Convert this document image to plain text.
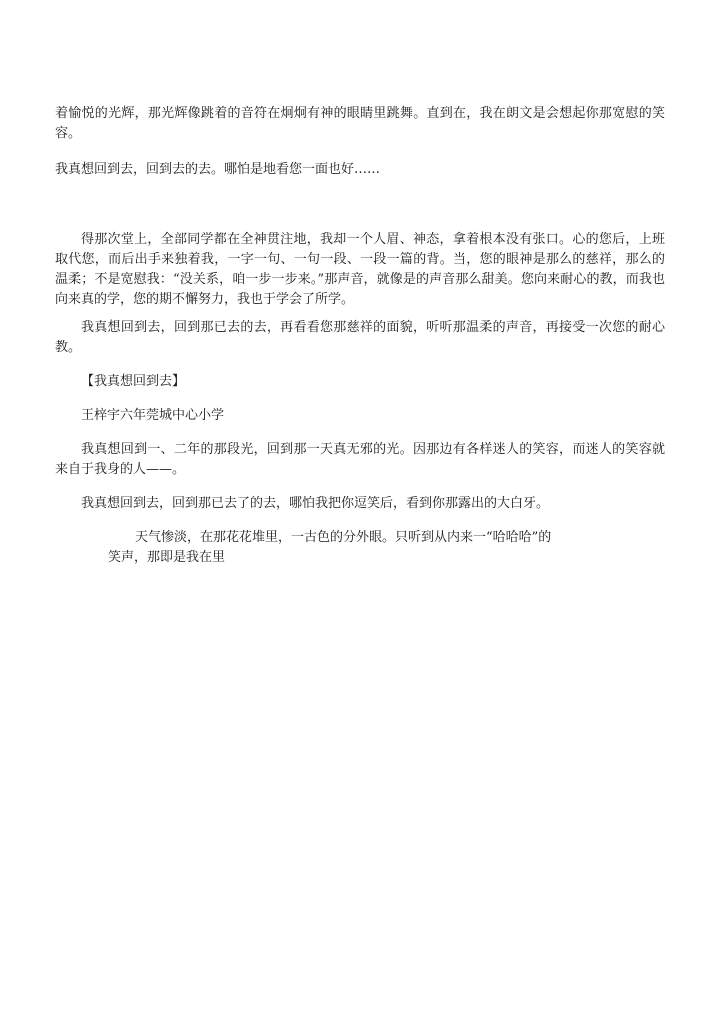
着愉悦的光辉，那光辉像跳着的音符在炯炯有神的眼睛里跳舞。直到在，我在朗文是会想起你那宽慰的笑容。

我真想回到去，回到去的去。哪怕是地看您一面也好……

得那次堂上，全部同学都在全神贯注地，我却一个人眉、神态，拿着根本没有张口。心的您后，上班取代您，而后出手来独着我，一字一句、一句一段、一段一篇的背。当，您的眼神是那么的慈祥，那么的温柔；不是宽慰我：“没关系，咱一步一步来。”那声音，就像是的声音那么甜美。您向来耐心的教，而我也向来真的学，您的期不懈努力，我也于学会了所学。

我真想回到去，回到那已去的去，再看看您那慈祥的面貌，听听那温柔的声音，再接受一次您的耐心教。

【我真想回到去】

王梓宇六年莞城中心小学

我真想回到一、二年的那段光，回到那一天真无邪的光。因那边有各样迷人的笑容，而迷人的笑容就来自于我身的人——。

我真想回到去，回到那已去了的去，哪怕我把你逗笑后，看到你那露出的大白牙。

天气惨淡，在那花花堆里，一古色的分外眼。只听到从内来一“哈哈哈”的
笑声，那即是我在里
